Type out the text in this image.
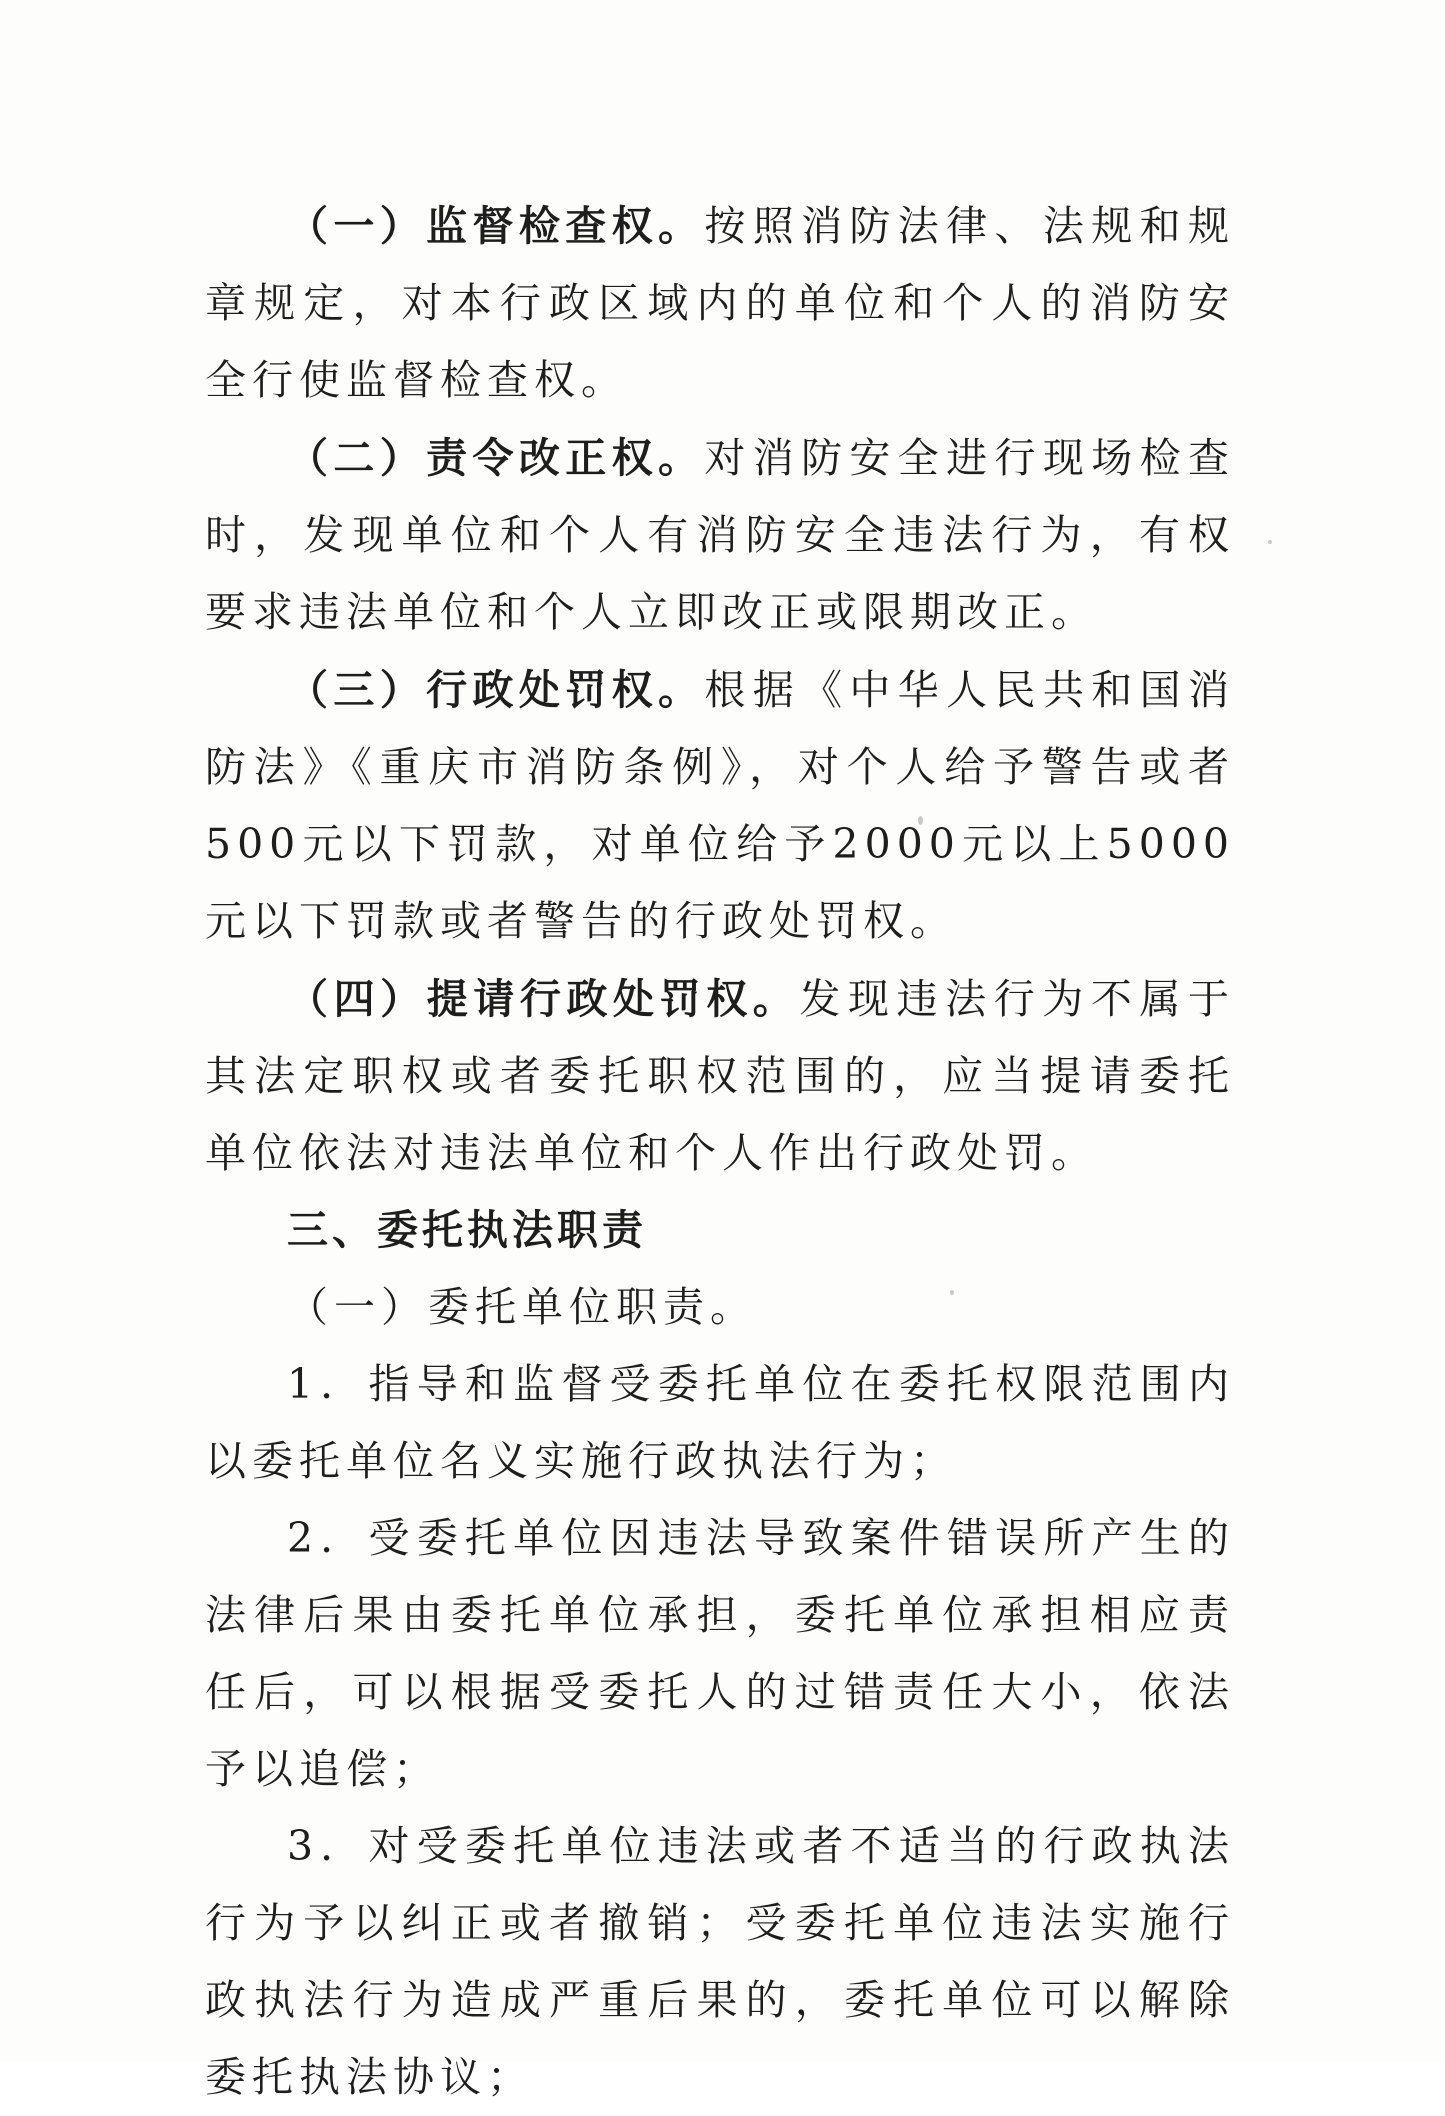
（一）监督检查权。按照消防法律、法规和规章规定，对本行政区域内的单位和个人的消防安全行使监督检查权。

（二）责令改正权。对消防安全进行现场检查时，发现单位和个人有消防安全违法行为，有权要求违法单位和个人立即改正或限期改正。

（三）行政处罚权。根据《中华人民共和国消防法》《重庆市消防条例》，对个人给予警告或者500元以下罚款，对单位给予2000元以上5000元以下罚款或者警告的行政处罚权。

（四）提请行政处罚权。发现违法行为不属于其法定职权或者委托职权范围的，应当提请委托单位依法对违法单位和个人作出行政处罚。

三、委托执法职责

（一）委托单位职责。

1．指导和监督受委托单位在委托权限范围内以委托单位名义实施行政执法行为；

2．受委托单位因违法导致案件错误所产生的法律后果由委托单位承担，委托单位承担相应责任后，可以根据受委托人的过错责任大小，依法予以追偿；

3．对受委托单位违法或者不适当的行政执法行为予以纠正或者撤销；受委托单位违法实施行政执法行为造成严重后果的，委托单位可以解除委托执法协议；
